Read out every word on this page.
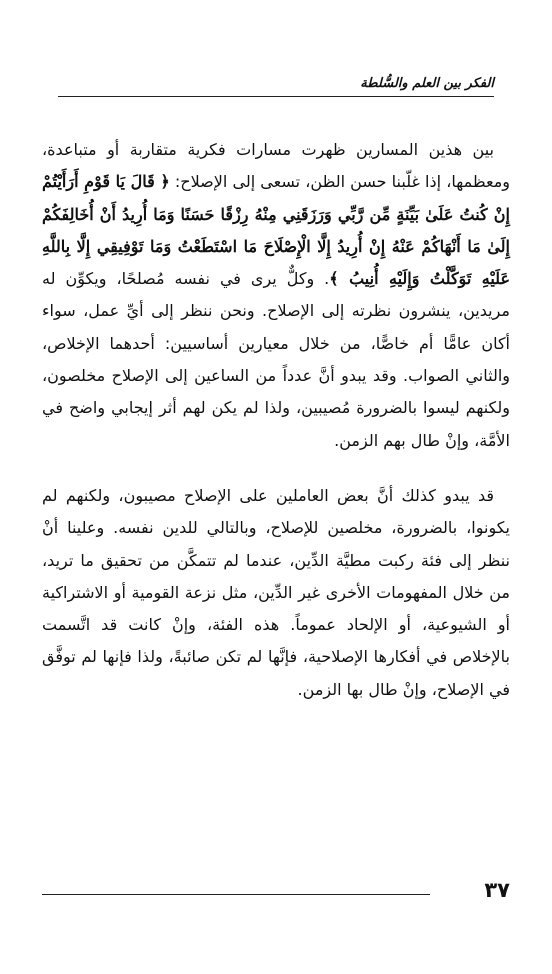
الفكر بين العلم والسُّلطة

بين هذين المسارين ظهرت مسارات فكرية متقاربة أو متباعدة، ومعظمها، إذا غلّبنا حسن الظن، تسعى إلى الإصلاح: ﴿ قَالَ يَا قَوْمِ أَرَأَيْتُمْ إِنْ كُنتُ عَلَىٰ بَيِّنَةٍ مِّن رَّبِّي وَرَزَقَنِي مِنْهُ رِزْقًا حَسَنًا وَمَا أُرِيدُ أَنْ أُخَالِفَكُمْ إِلَىٰ مَا أَنْهَاكُمْ عَنْهُ إِنْ أُرِيدُ إِلَّا الْإِصْلَاحَ مَا اسْتَطَعْتُ وَمَا تَوْفِيقِي إِلَّا بِاللَّهِ عَلَيْهِ تَوَكَّلْتُ وَإِلَيْهِ أُنِيبُ ﴾. وكلٌّ يرى في نفسه مُصلحًا، ويكوِّن له مريدين، ينشرون نظرته إلى الإصلاح. ونحن ننظر إلى أيِّ عمل، سواء أكان عامًّا أم خاصًّا، من خلال معيارين أساسيين: أحدهما الإخلاص، والثاني الصواب. وقد يبدو أنَّ عدداً من الساعين إلى الإصلاح مخلصون، ولكنهم ليسوا بالضرورة مُصيبين، ولذا لم يكن لهم أثر إيجابي واضح في الأمَّة، وإنْ طال بهم الزمن.

قد يبدو كذلك أنَّ بعض العاملين على الإصلاح مصيبون، ولكنهم لم يكونوا، بالضرورة، مخلصين للإصلاح، وبالتالي للدين نفسه. وعلينا أنْ ننظر إلى فئة ركبت مطيَّة الدِّين، عندما لم تتمكَّن من تحقيق ما تريد، من خلال المفهومات الأخرى غير الدِّين، مثل نزعة القومية أو الاشتراكية أو الشيوعية، أو الإلحاد عموماً. هذه الفئة، وإنْ كانت قد اتَّسمت بالإخلاص في أفكارها الإصلاحية، فإنَّها لم تكن صائبةً، ولذا فإنها لم توفَّق في الإصلاح، وإنْ طال بها الزمن.

٣٧
